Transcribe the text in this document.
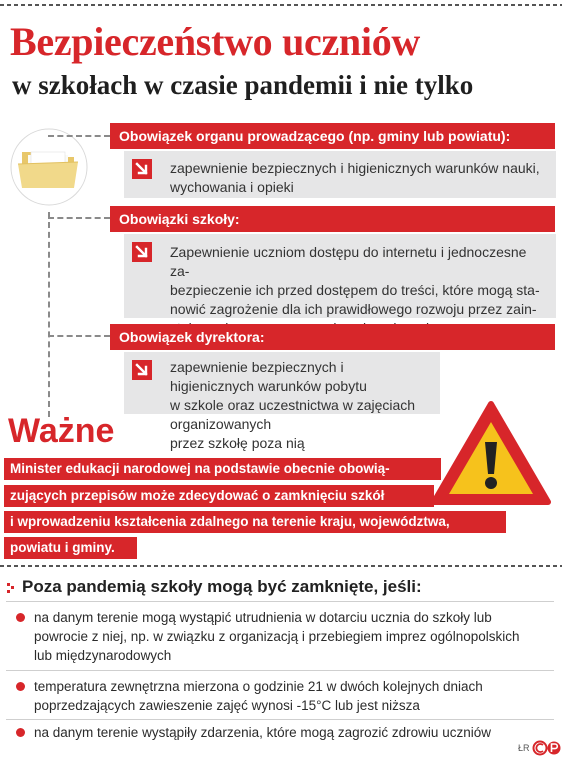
Bezpieczeństwo uczniów
w szkołach w czasie pandemii i nie tylko
Obowiązek organu prowadzącego (np. gminy lub powiatu):

zapewnienie bezpiecznych i higienicznych warunków nauki,
wychowania i opieki

Obowiązki szkoły:

Zapewnienie uczniom dostępu do internetu i jednoczesne za-
bezpieczenie ich przed dostępem do treści, które mogą sta-
nowić zagrożenie dla ich prawidłowego rozwoju przez zain-

Obowiązek dyrektora:

zapewnienie bezpiecznych i higienicznych warunków pobytu
w szkole oraz uczestnictwa w zajęciach organizowanych
przez szkołę poza nią

Ważne
Minister edukacji narodowej na podstawie obecnie obowią-
zujących przepisów może zdecydować o zamknięciu szkół
i wprowadzeniu kształcenia zdalnego na terenie kraju, województwa,
powiatu i gminy.
Poza pandemią szkoły mogą być zamknięte, jeśli:

na danym terenie mogą wystąpić utrudnienia w dotarciu ucznia do szkoły lub
powrocie z niej, np. w związku z organizacją i przebiegiem imprez ogólnopolskich
lub międzynarodowych

temperatura zewnętrzna mierzona o godzinie 21 w dwóch kolejnych dniach
poprzedzających zawieszenie zajęć wynosi -15°C lub jest niższa

na danym terenie wystąpiły zdarzenia, które mogą zagrozić zdrowiu uczniów

ŁR
